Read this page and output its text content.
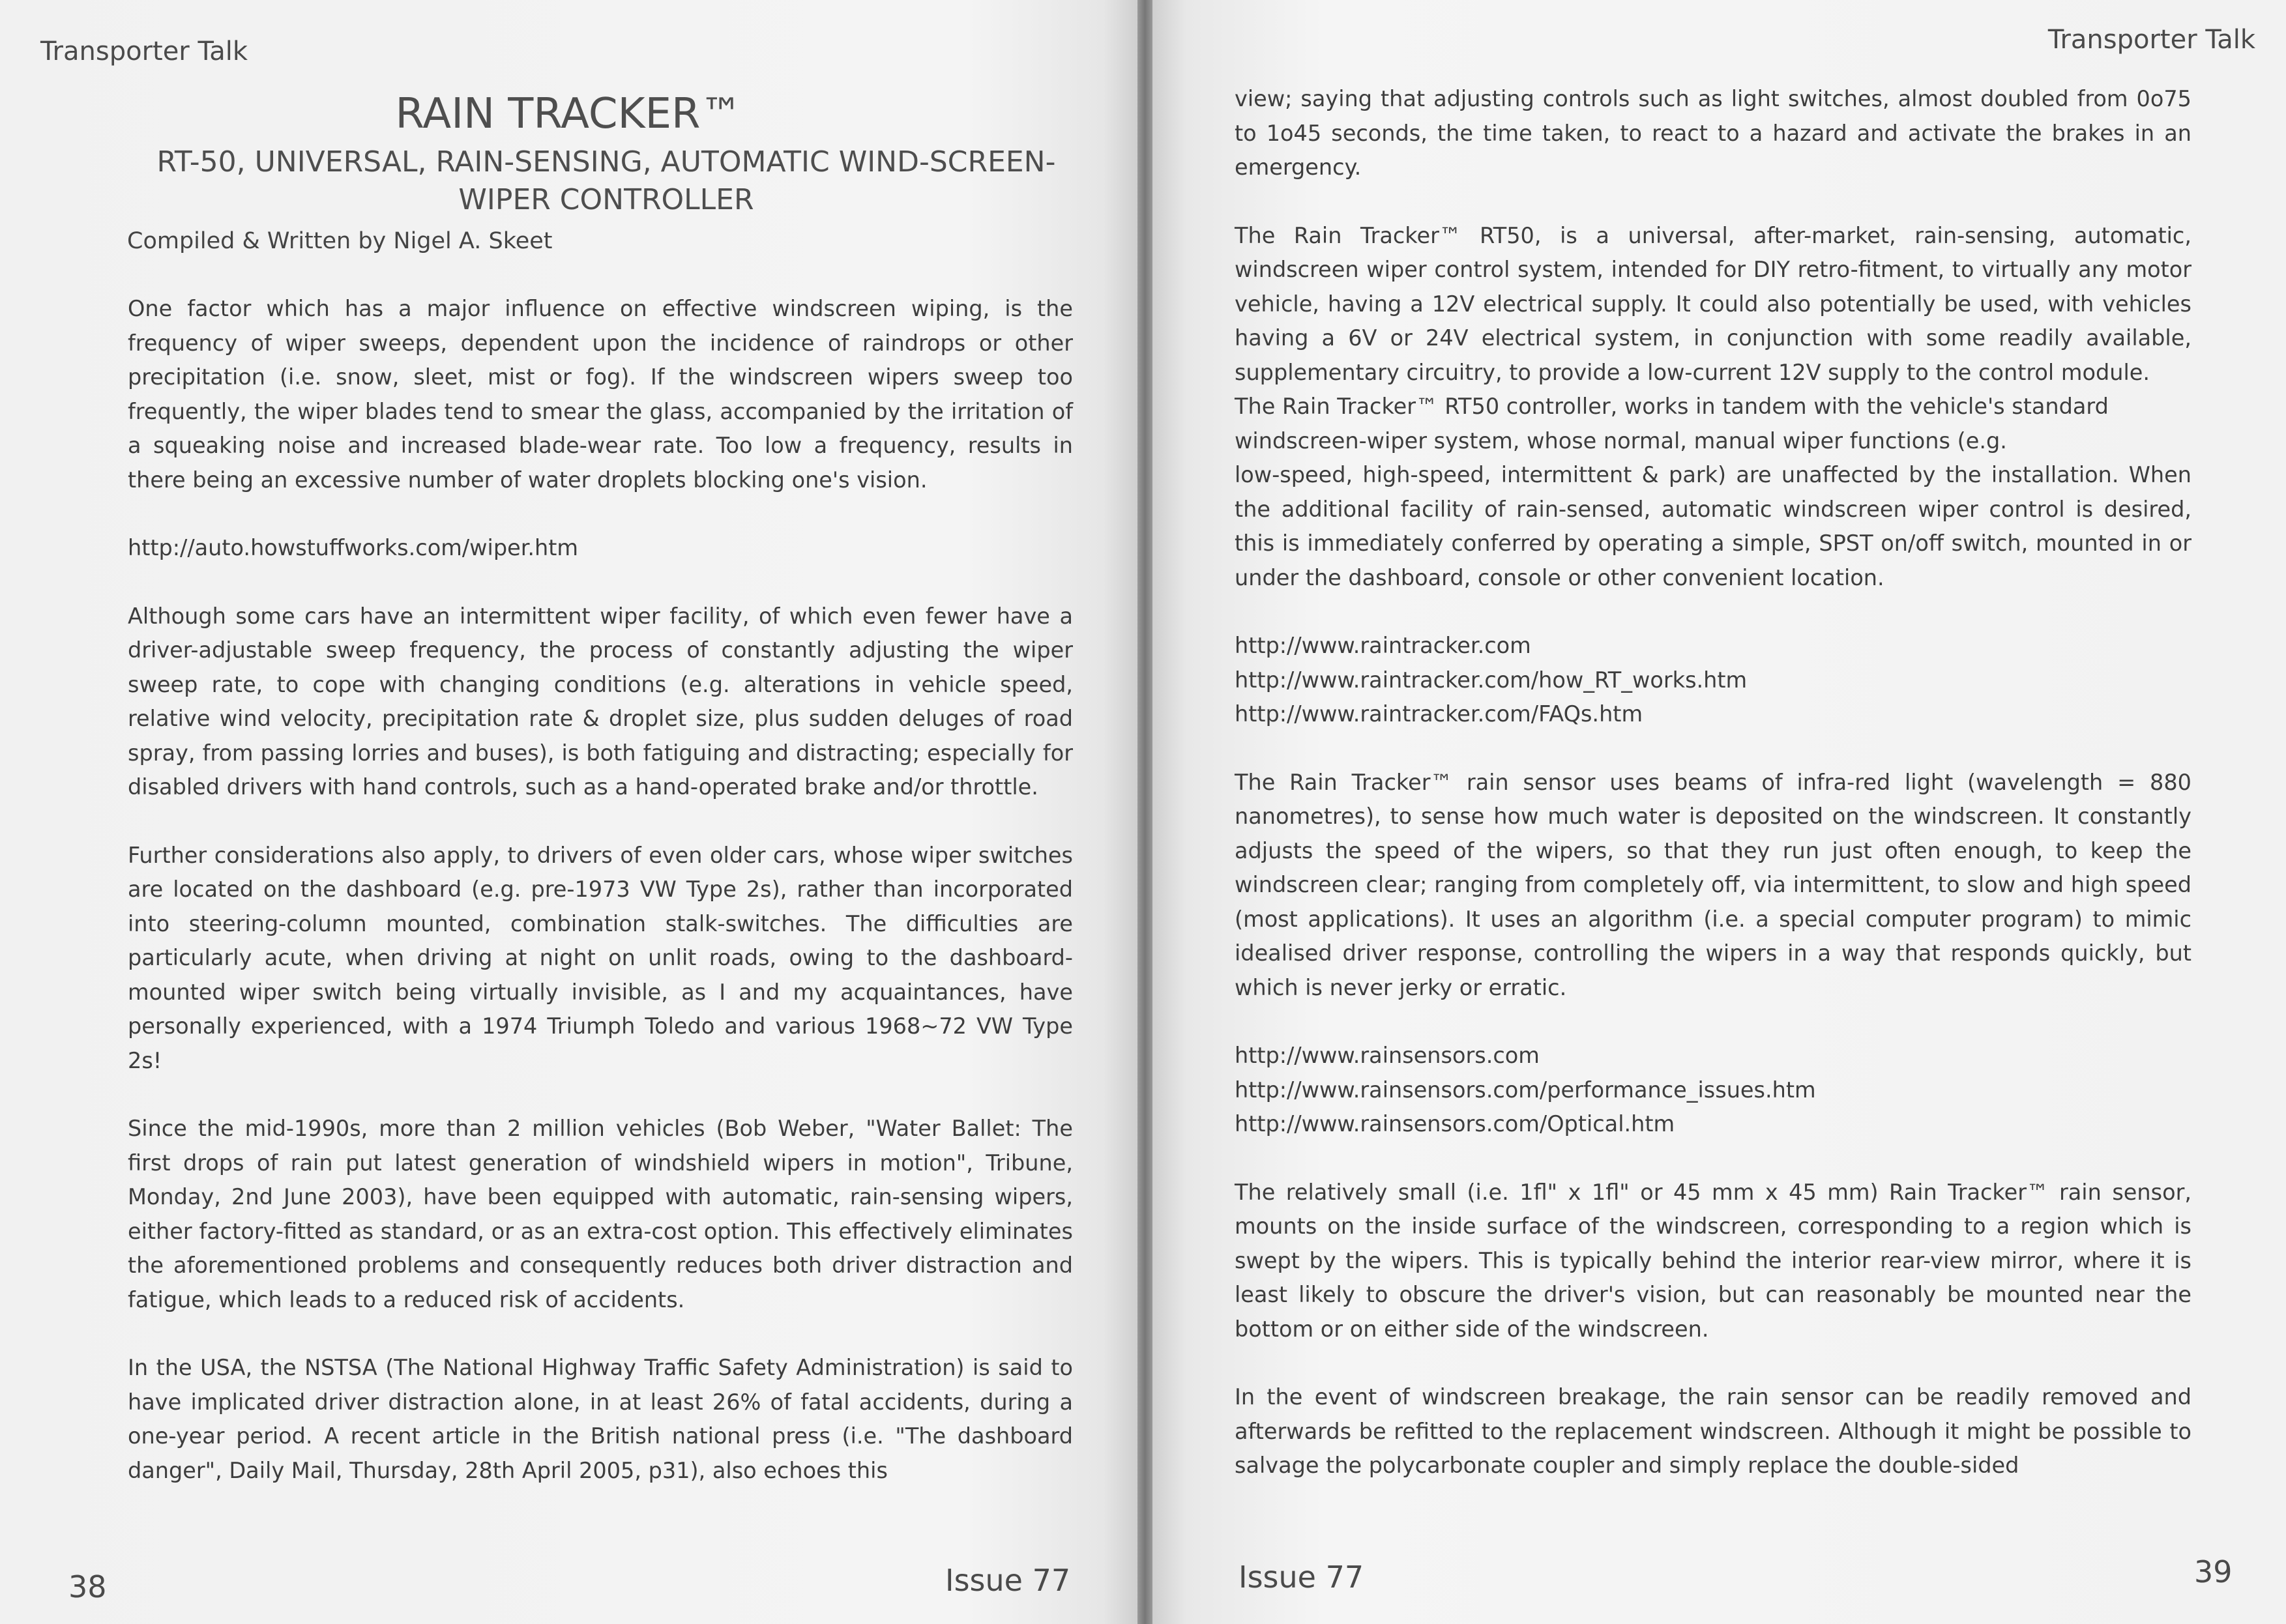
Transporter Talk
RAIN TRACKER™
RT-50, UNIVERSAL, RAIN-SENSING, AUTOMATIC WIND-SCREEN-WIPER CONTROLLER
Compiled & Written by Nigel A. Skeet

One factor which has a major influence on effective windscreen wiping, is the frequency of wiper sweeps, dependent upon the incidence of raindrops or other precipitation (i.e. snow, sleet, mist or fog). If the windscreen wipers sweep too frequently, the wiper blades tend to smear the glass, accompanied by the irritation of a squeaking noise and increased blade-wear rate. Too low a frequency, results in there being an excessive number of water droplets blocking one's vision.

http://auto.howstuffworks.com/wiper.htm

Although some cars have an intermittent wiper facility, of which even fewer have a driver-adjustable sweep frequency, the process of constantly adjusting the wiper sweep rate, to cope with changing conditions (e.g. alterations in vehicle speed, relative wind velocity, precipitation rate & droplet size, plus sudden deluges of road spray, from passing lorries and buses), is both fatiguing and distracting; especially for disabled drivers with hand controls, such as a hand-operated brake and/or throttle.

Further considerations also apply, to drivers of even older cars, whose wiper switches are located on the dashboard (e.g. pre-1973 VW Type 2s), rather than incorporated into steering-column mounted, combination stalk-switches. The difficulties are particularly acute, when driving at night on unlit roads, owing to the dashboard-mounted wiper switch being virtually invisible, as I and my acquaintances, have personally experienced, with a 1974 Triumph Toledo and various 1968~72 VW Type 2s!

Since the mid-1990s, more than 2 million vehicles (Bob Weber, "Water Ballet: The first drops of rain put latest generation of windshield wipers in motion", Tribune, Monday, 2nd June 2003), have been equipped with automatic, rain-sensing wipers, either factory-fitted as standard, or as an extra-cost option. This effectively eliminates the aforementioned problems and consequently reduces both driver distraction and fatigue, which leads to a reduced risk of accidents.

In the USA, the NSTSA (The National Highway Traffic Safety Administration) is said to have implicated driver distraction alone, in at least 26% of fatal accidents, during a one-year period. A recent article in the British national press (i.e. "The dashboard danger", Daily Mail, Thursday, 28th April 2005, p31), also echoes this

38	Issue 77
Transporter Talk

view; saying that adjusting controls such as light switches, almost doubled from 0o75 to 1o45 seconds, the time taken, to react to a hazard and activate the brakes in an emergency.

The Rain Tracker™ RT50, is a universal, after-market, rain-sensing, automatic, windscreen wiper control system, intended for DIY retro-fitment, to virtually any motor vehicle, having a 12V electrical supply. It could also potentially be used, with vehicles having a 6V or 24V electrical system, in conjunction with some readily available, supplementary circuitry, to provide a low-current 12V supply to the control module.

The Rain Tracker™ RT50 controller, works in tandem with the vehicle's standard windscreen-wiper system, whose normal, manual wiper functions (e.g.

low-speed, high-speed, intermittent & park) are unaffected by the installation. When the additional facility of rain-sensed, automatic windscreen wiper control is desired, this is immediately conferred by operating a simple, SPST on/off switch, mounted in or under the dashboard, console or other convenient location.

http://www.raintracker.com

http://www.raintracker.com/how_RT_works.htm

http://www.raintracker.com/FAQs.htm

The Rain Tracker™ rain sensor uses beams of infra-red light (wavelength = 880 nanometres), to sense how much water is deposited on the windscreen. It constantly adjusts the speed of the wipers, so that they run just often enough, to keep the windscreen clear; ranging from completely off, via intermittent, to slow and high speed (most applications). It uses an algorithm (i.e. a special computer program) to mimic idealised driver response, controlling the wipers in a way that responds quickly, but which is never jerky or erratic.

http://www.rainsensors.com

http://www.rainsensors.com/performance_issues.htm

http://www.rainsensors.com/Optical.htm

The relatively small (i.e. 1fl" x 1fl" or 45 mm x 45 mm) Rain Tracker™ rain sensor, mounts on the inside surface of the windscreen, corresponding to a region which is swept by the wipers. This is typically behind the interior rear-view mirror, where it is least likely to obscure the driver's vision, but can reasonably be mounted near the bottom or on either side of the windscreen.

In the event of windscreen breakage, the rain sensor can be readily removed and afterwards be refitted to the replacement windscreen. Although it might be possible to salvage the polycarbonate coupler and simply replace the double-sided

Issue 77	39
